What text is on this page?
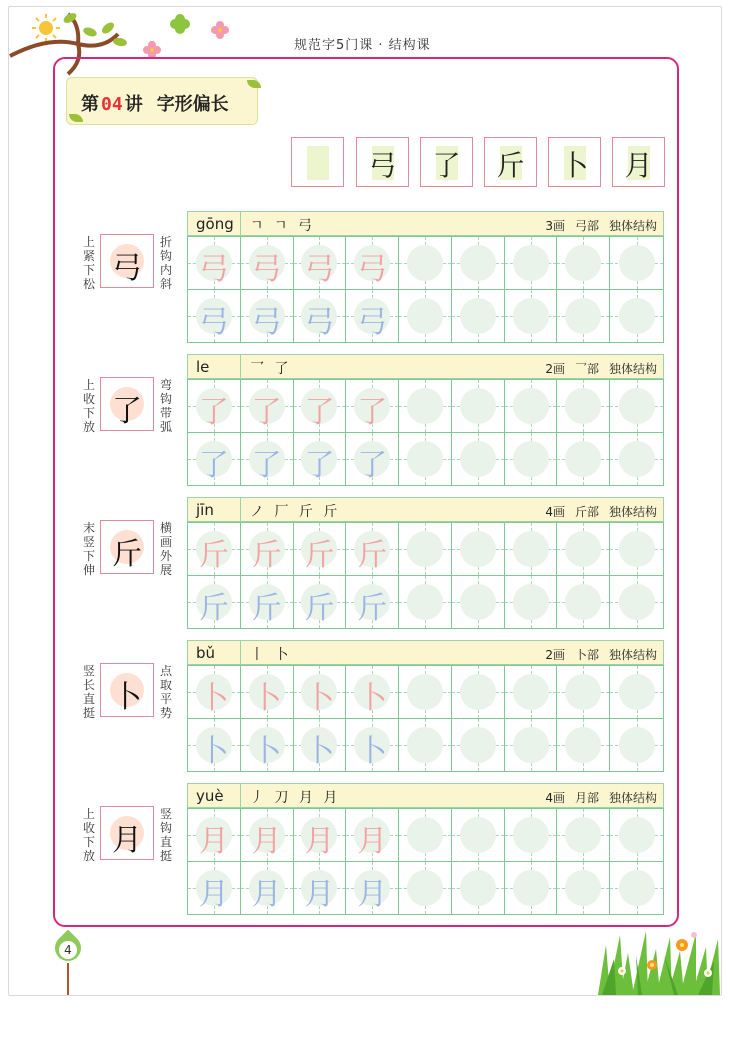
规范字5门课 · 结构课
第 04 讲 字形偏长
弓	了	斤	卜	月
上
紧
下
松 弓
折
钩
内
斜
gōng ㄱ ㄱ 弓	3画 弓部 独体结构
弓 弓 弓 弓
弓 弓 弓 弓
上
收
下
放 了
弯
钩
带
弧
le	乛 了	2画 乛部 独体结构
了 了 了 了
了 了 了 了
末
竖
下
伸 斤
横
画
外
展
jīn	ノ 厂 斤 斤	4画 斤部 独体结构
斤 斤 斤 斤
斤 斤 斤 斤
竖
长
直
挺 卜
点
取
平
势
bǔ 丨 卜	2画 卜部 独体结构
卜 卜 卜 卜
卜 卜 卜 卜
上
收
下
放 月
竖
钩
直
挺
yuè 丿 刀 月 月	4画 月部 独体结构
月 月 月 月
月 月 月 月
4
